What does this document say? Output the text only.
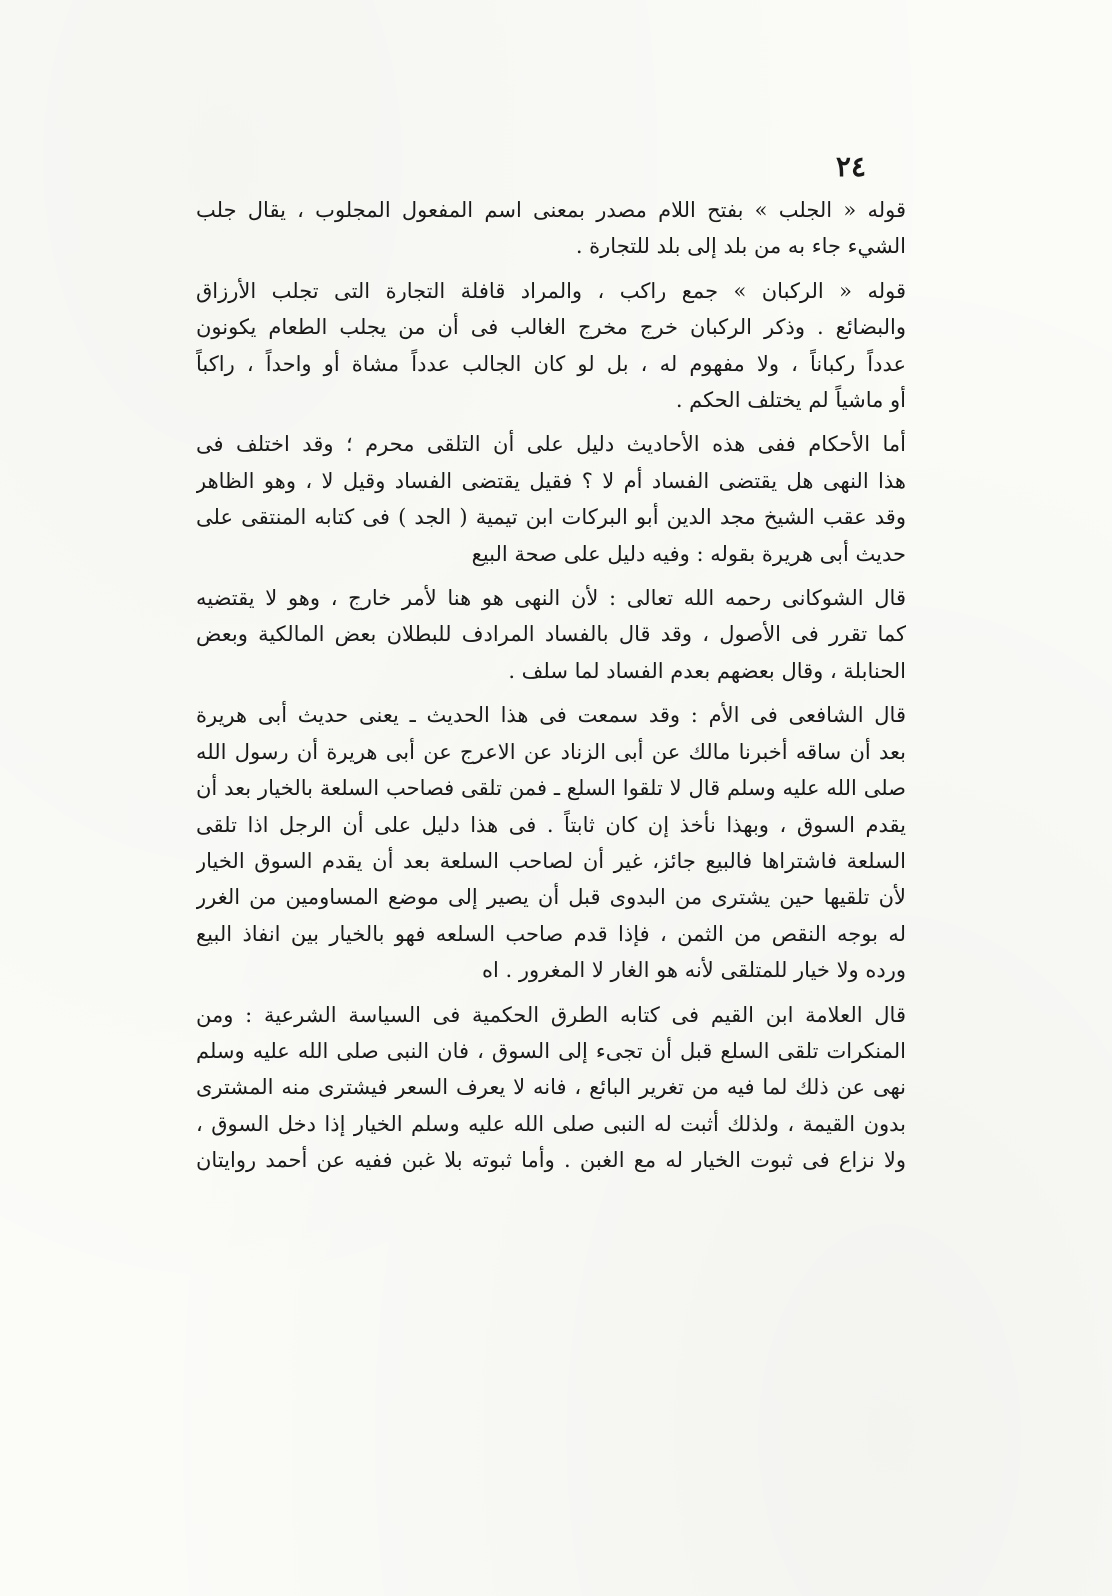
٢٤
قوله « الجلب » بفتح اللام مصدر بمعنى اسم المفعول المجلوب ، يقال جلب
الشيء جاء به من بلد إلى بلد للتجارة .
قوله « الركبان » جمع راكب ، والمراد قافلة التجارة التى تجلب الأرزاق
والبضائع . وذكر الركبان خرج مخرج الغالب فى أن من يجلب الطعام يكونون
عدداً ركباناً ، ولا مفهوم له ، بل لو كان الجالب عدداً مشاة أو واحداً ، راكباً
أو ماشياً لم يختلف الحكم .
أما الأحكام ففى هذه الأحاديث دليل على أن التلقى محرم ؛ وقد اختلف فى
هذا النهى هل يقتضى الفساد أم لا ؟ فقيل يقتضى الفساد وقيل لا ، وهو الظاهر
وقد عقب الشيخ مجد الدين أبو البركات ابن تيمية ( الجد ) فى كتابه المنتقى على
حديث أبى هريرة بقوله : وفيه دليل على صحة البيع
قال الشوكانى رحمه الله تعالى : لأن النهى هو هنا لأمر خارج ، وهو لا يقتضيه
كما تقرر فى الأصول ، وقد قال بالفساد المرادف للبطلان بعض المالكية وبعض
الحنابلة ، وقال بعضهم بعدم الفساد لما سلف .
قال الشافعى فى الأم : وقد سمعت فى هذا الحديث ـ يعنى حديث أبى هريرة
بعد أن ساقه أخبرنا مالك عن أبى الزناد عن الاعرج عن أبى هريرة أن رسول الله
صلى الله عليه وسلم قال لا تلقوا السلع ـ فمن تلقى فصاحب السلعة بالخيار بعد أن
يقدم السوق ، وبهذا نأخذ إن كان ثابتاً . فى هذا دليل على أن الرجل اذا تلقى
السلعة فاشتراها فالبيع جائز، غير أن لصاحب السلعة بعد أن يقدم السوق الخيار
لأن تلقيها حين يشترى من البدوى قبل أن يصير إلى موضع المساومين من الغرر
له بوجه النقص من الثمن ، فإذا قدم صاحب السلعه فهو بالخيار بين انفاذ البيع
ورده ولا خيار للمتلقى لأنه هو الغار لا المغرور . اه
قال العلامة ابن القيم فى كتابه الطرق الحكمية فى السياسة الشرعية : ومن
المنكرات تلقى السلع قبل أن تجىء إلى السوق ، فان النبى صلى الله عليه وسلم
نهى عن ذلك لما فيه من تغرير البائع ، فانه لا يعرف السعر فيشترى منه المشترى
بدون القيمة ، ولذلك أثبت له النبى صلى الله عليه وسلم الخيار إذا دخل السوق ،
ولا نزاع فى ثبوت الخيار له مع الغبن . وأما ثبوته بلا غبن ففيه عن أحمد روايتان
